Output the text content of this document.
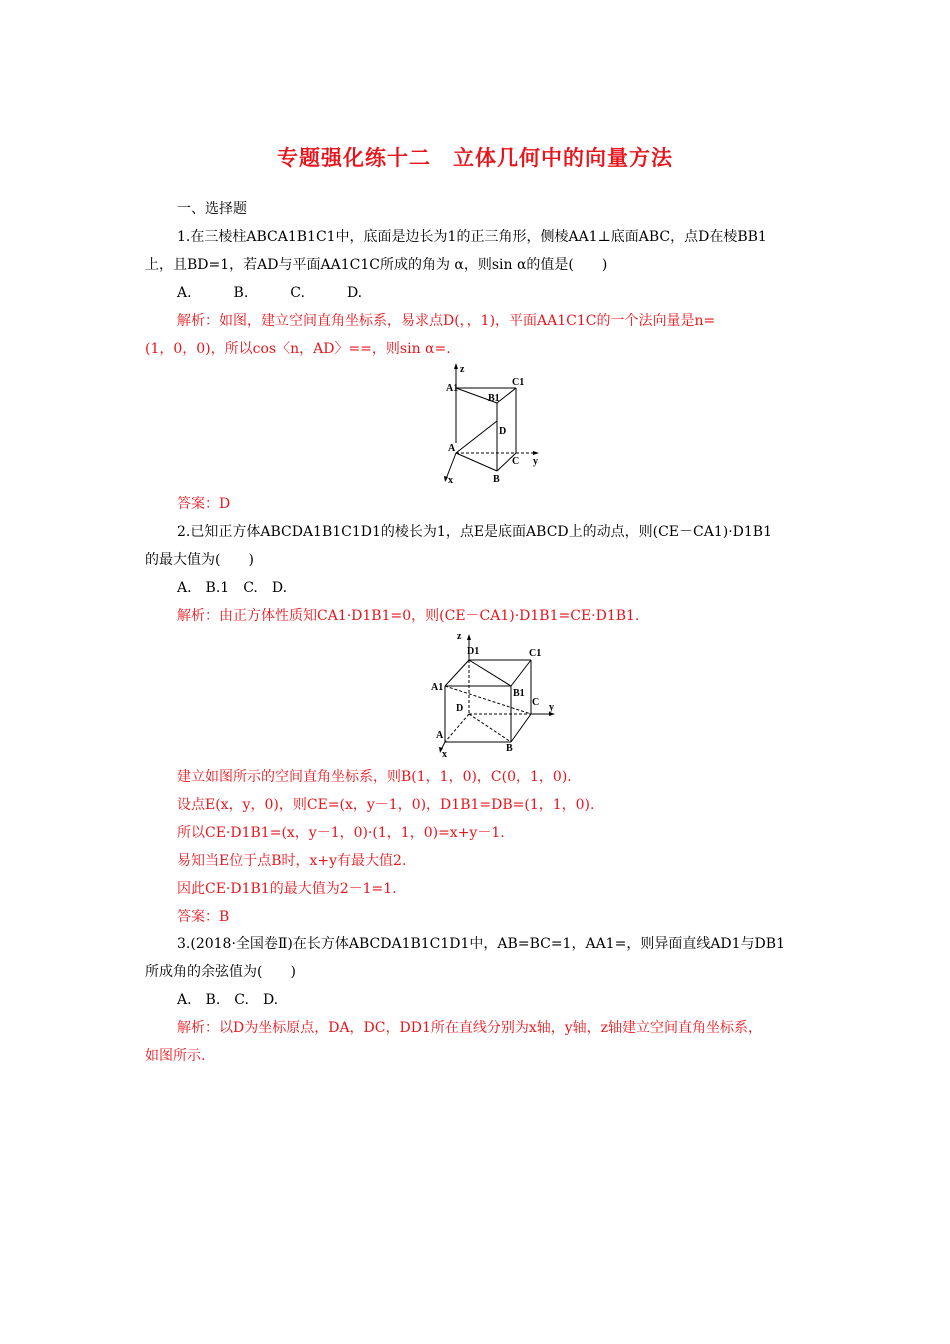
专题强化练十二　立体几何中的向量方法
一、选择题
1.在三棱柱ABCA1B1C1中，底面是边长为1的正三角形，侧棱AA1⊥底面ABC，点D在棱BB1
上，且BD=1，若AD与平面AA1C1C所成的角为 α，则sin α的值是(　　)
A.　　　B.　　　C.　　　D.
解析：如图，建立空间直角坐标系，易求点D(，，1)，平面AA1C1C的一个法向量是n=
(1，0，0)，所以cos〈n，AD〉==，则sin α=.
z
A1
C1
B1
D
A
C
B
y
x
答案：D
2.已知正方体ABCDA1B1C1D1的棱长为1，点E是底面ABCD上的动点，则(CE－CA1)·D1B1
的最大值为(　　)
A.　B.1　C.　D.
解析：由正方体性质知CA1·D1B1=0，则(CE－CA1)·D1B1=CE·D1B1.
z
D1	C1
A1
B1
D
C y
A
B
x
建立如图所示的空间直角坐标系，则B(1，1，0)，C(0，1，0).
设点E(x，y，0)，则CE=(x，y－1，0)，D1B1=DB=(1，1，0).
所以CE·D1B1=(x，y－1，0)·(1，1，0)=x+y－1.
易知当E位于点B时，x+y有最大值2.
因此CE·D1B1的最大值为2－1=1.
答案：B
3.(2018·全国卷Ⅱ)在长方体ABCDA1B1C1D1中，AB=BC=1，AA1=，则异面直线AD1与DB1
所成角的余弦值为(　　)
A.　B.　C.　D.
解析：以D为坐标原点，DA，DC，DD1所在直线分别为x轴，y轴，z轴建立空间直角坐标系，
如图所示.
